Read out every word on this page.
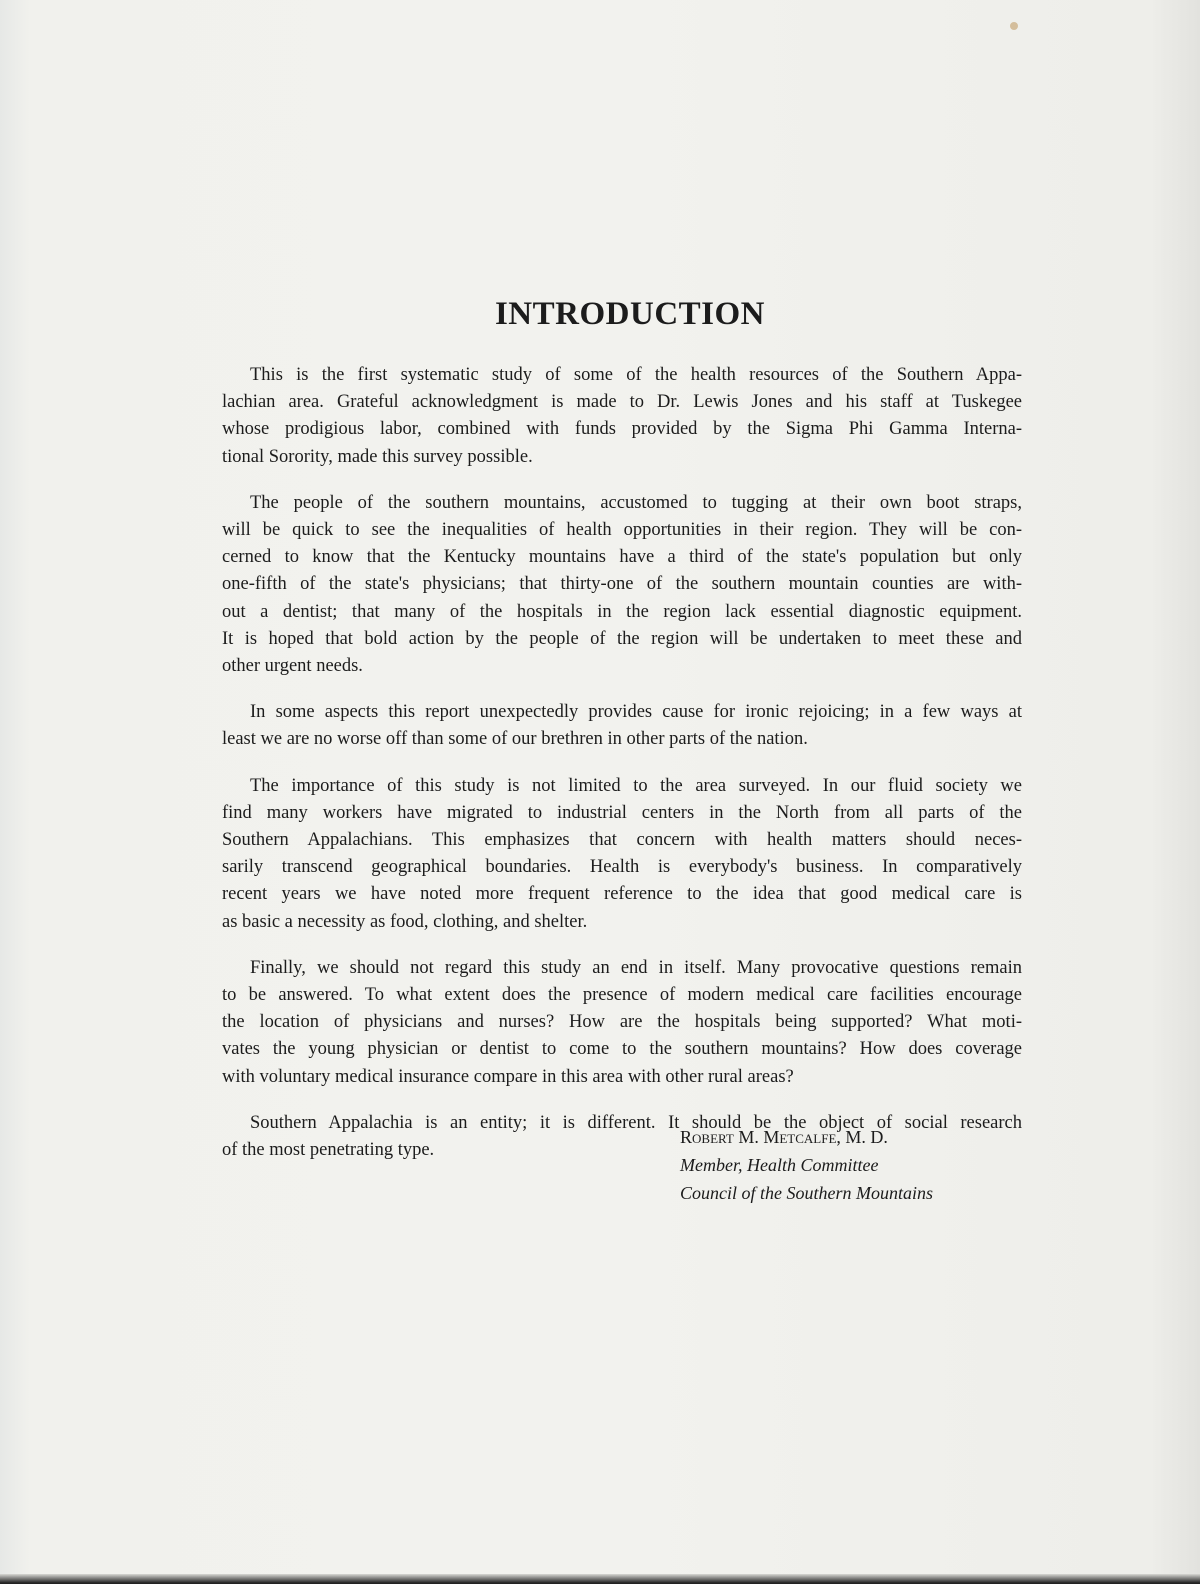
INTRODUCTION
This is the first systematic study of some of the health resources of the Southern Appa-
lachian area. Grateful acknowledgment is made to Dr. Lewis Jones and his staff at Tuskegee
whose prodigious labor, combined with funds provided by the Sigma Phi Gamma Interna-
tional Sorority, made this survey possible.
The people of the southern mountains, accustomed to tugging at their own boot straps,
will be quick to see the inequalities of health opportunities in their region. They will be con-
cerned to know that the Kentucky mountains have a third of the state's population but only
one-fifth of the state's physicians; that thirty-one of the southern mountain counties are with-
out a dentist; that many of the hospitals in the region lack essential diagnostic equipment.
It is hoped that bold action by the people of the region will be undertaken to meet these and
other urgent needs.
In some aspects this report unexpectedly provides cause for ironic rejoicing; in a few ways at
least we are no worse off than some of our brethren in other parts of the nation.
The importance of this study is not limited to the area surveyed. In our fluid society we
find many workers have migrated to industrial centers in the North from all parts of the
Southern Appalachians. This emphasizes that concern with health matters should neces-
sarily transcend geographical boundaries. Health is everybody's business. In comparatively
recent years we have noted more frequent reference to the idea that good medical care is
as basic a necessity as food, clothing, and shelter.
Finally, we should not regard this study an end in itself. Many provocative questions remain
to be answered. To what extent does the presence of modern medical care facilities encourage
the location of physicians and nurses? How are the hospitals being supported? What moti-
vates the young physician or dentist to come to the southern mountains? How does coverage
with voluntary medical insurance compare in this area with other rural areas?
Southern Appalachia is an entity; it is different. It should be the object of social research
of the most penetrating type.
Robert M. Metcalfe, M. D.
Member, Health Committee
Council of the Southern Mountains
